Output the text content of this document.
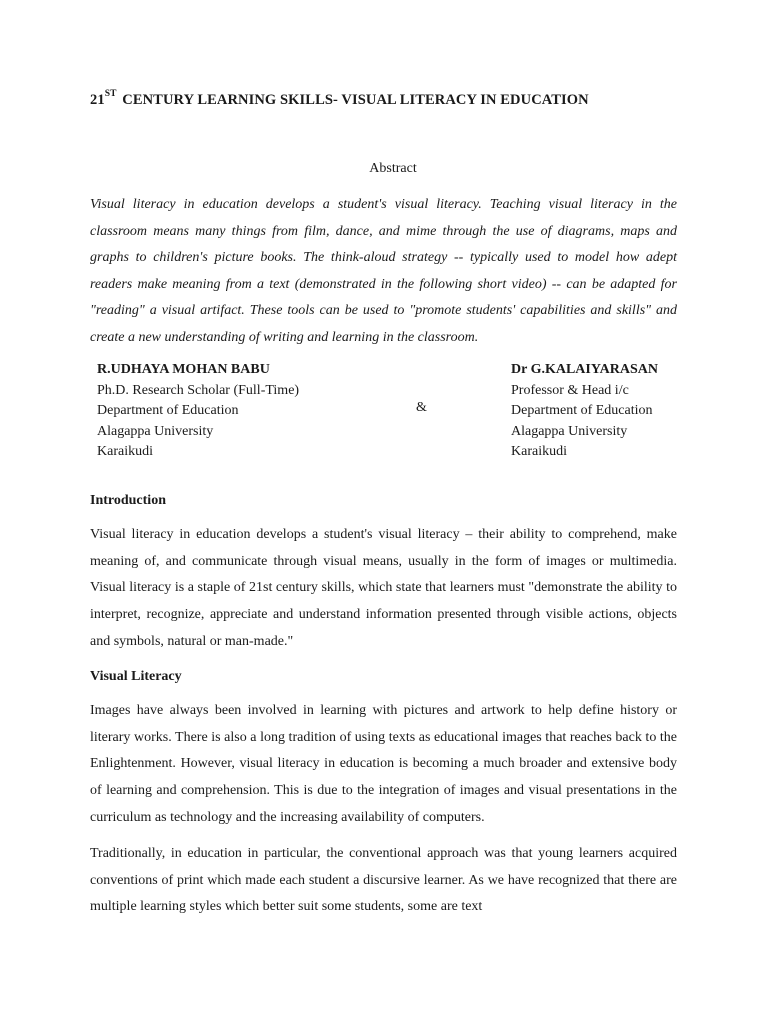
21ST CENTURY LEARNING SKILLS- VISUAL LITERACY IN EDUCATION
Abstract
Visual literacy in education develops a student's visual literacy. Teaching visual literacy in the classroom means many things from film, dance, and mime through the use of diagrams, maps and graphs to children's picture books. The think-aloud strategy -- typically used to model how adept readers make meaning from a text (demonstrated in the following short video) -- can be adapted for "reading" a visual artifact. These tools can be used to "promote students' capabilities and skills" and create a new understanding of writing and learning in the classroom.
R.UDHAYA MOHAN BABU
Ph.D. Research Scholar (Full-Time)
Department of Education
Alagappa University
Karaikudi
&
Dr G.KALAIYARASAN
Professor & Head i/c
Department of Education
Alagappa University
Karaikudi
Introduction
Visual literacy in education develops a student's visual literacy – their ability to comprehend, make meaning of, and communicate through visual means, usually in the form of images or multimedia. Visual literacy is a staple of 21st century skills, which state that learners must "demonstrate the ability to interpret, recognize, appreciate and understand information presented through visible actions, objects and symbols, natural or man-made."
Visual Literacy
Images have always been involved in learning with pictures and artwork to help define history or literary works. There is also a long tradition of using texts as educational images that reaches back to the Enlightenment. However, visual literacy in education is becoming a much broader and extensive body of learning and comprehension. This is due to the integration of images and visual presentations in the curriculum as technology and the increasing availability of computers.
Traditionally, in education in particular, the conventional approach was that young learners acquired conventions of print which made each student a discursive learner. As we have recognized that there are multiple learning styles which better suit some students, some are text
